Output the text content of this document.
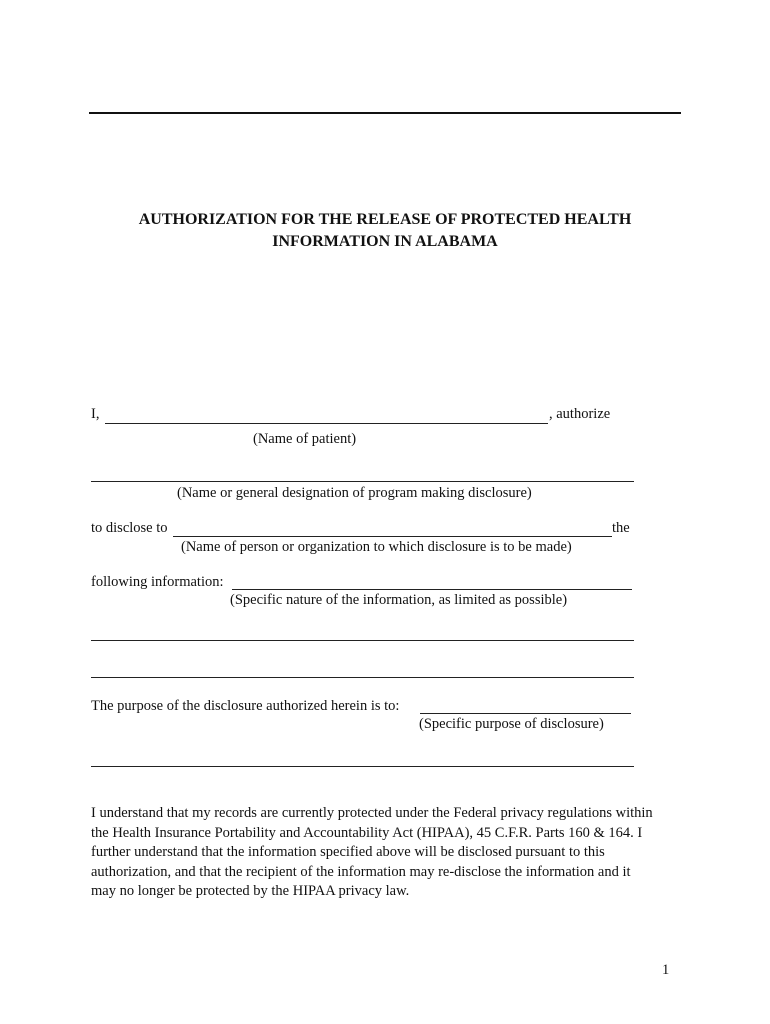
AUTHORIZATION FOR THE RELEASE OF PROTECTED HEALTH
INFORMATION IN ALABAMA
I,	, authorize
(Name of patient)
(Name or general designation of program making disclosure)
to disclose to	the
(Name of person or organization to which disclosure is to be made)
following information:
(Specific nature of the information, as limited as possible)
The purpose of the disclosure authorized herein is to:
(Specific purpose of disclosure)
I understand that my records are currently protected under the Federal privacy regulations within
the Health Insurance Portability and Accountability Act (HIPAA), 45 C.F.R. Parts 160 & 164. I
further understand that the information specified above will be disclosed pursuant to this
authorization, and that the recipient of the information may re-disclose the information and it
may no longer be protected by the HIPAA privacy law.
1
